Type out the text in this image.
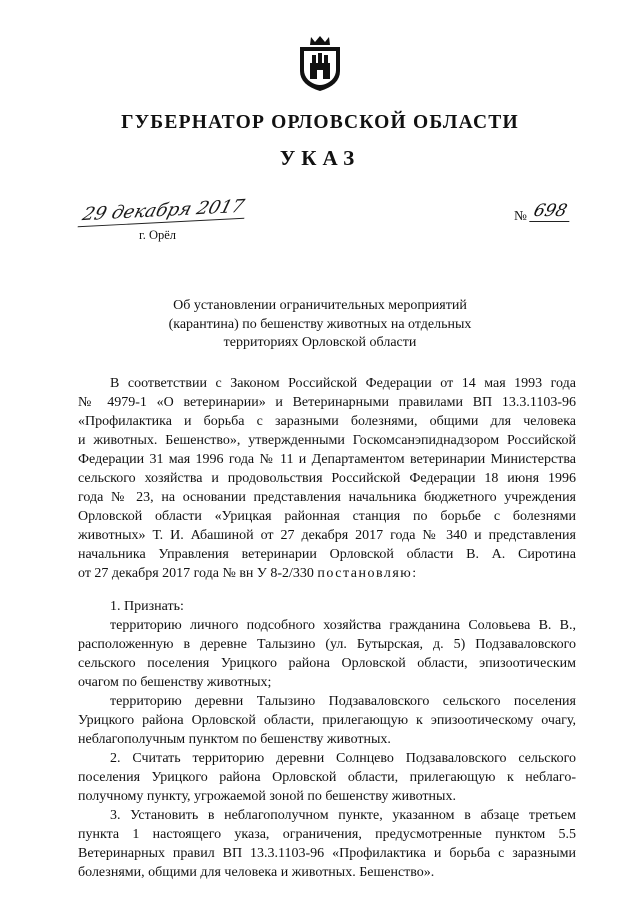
ГУБЕРНАТОР ОРЛОВСКОЙ ОБЛАСТИ
УКАЗ
29 декабря 2017
г. Орёл
№ 698
Об установлении ограничительных мероприятий
(карантина) по бешенству животных на отдельных
территориях Орловской области
В соответствии с Законом Российской Федерации от 14 мая 1993 года
№ 4979-1 «О ветеринарии» и Ветеринарными правилами ВП 13.3.1103-96
«Профилактика и борьба с заразными болезнями, общими для человека
и животных. Бешенство», утвержденными Госкомсанэпиднадзором Российской
Федерации 31 мая 1996 года № 11 и Департаментом ветеринарии Министерства
сельского хозяйства и продовольствия Российской Федерации 18 июня 1996
года № 23, на основании представления начальника бюджетного учреждения
Орловской области «Урицкая районная станция по борьбе с болезнями
животных» Т. И. Абашиной от 27 декабря 2017 года № 340 и представления
начальника Управления ветеринарии Орловской области В. А. Сиротина
от 27 декабря 2017 года № вн У 8-2/330 постановляю:
1. Признать:
территорию личного подсобного хозяйства гражданина Соловьева В. В.,
расположенную в деревне Талызино (ул. Бутырская, д. 5) Подзаваловского
сельского поселения Урицкого района Орловской области, эпизоотическим
очагом по бешенству животных;
территорию деревни Талызино Подзаваловского сельского поселения
Урицкого района Орловской области, прилегающую к эпизоотическому очагу,
неблагополучным пунктом по бешенству животных.
2. Считать территорию деревни Солнцево Подзаваловского сельского
поселения Урицкого района Орловской области, прилегающую к неблаго-
получному пункту, угрожаемой зоной по бешенству животных.
3. Установить в неблагополучном пункте, указанном в абзаце третьем
пункта 1 настоящего указа, ограничения, предусмотренные пунктом 5.5
Ветеринарных правил ВП 13.3.1103-96 «Профилактика и борьба с заразными
болезнями, общими для человека и животных. Бешенство».
